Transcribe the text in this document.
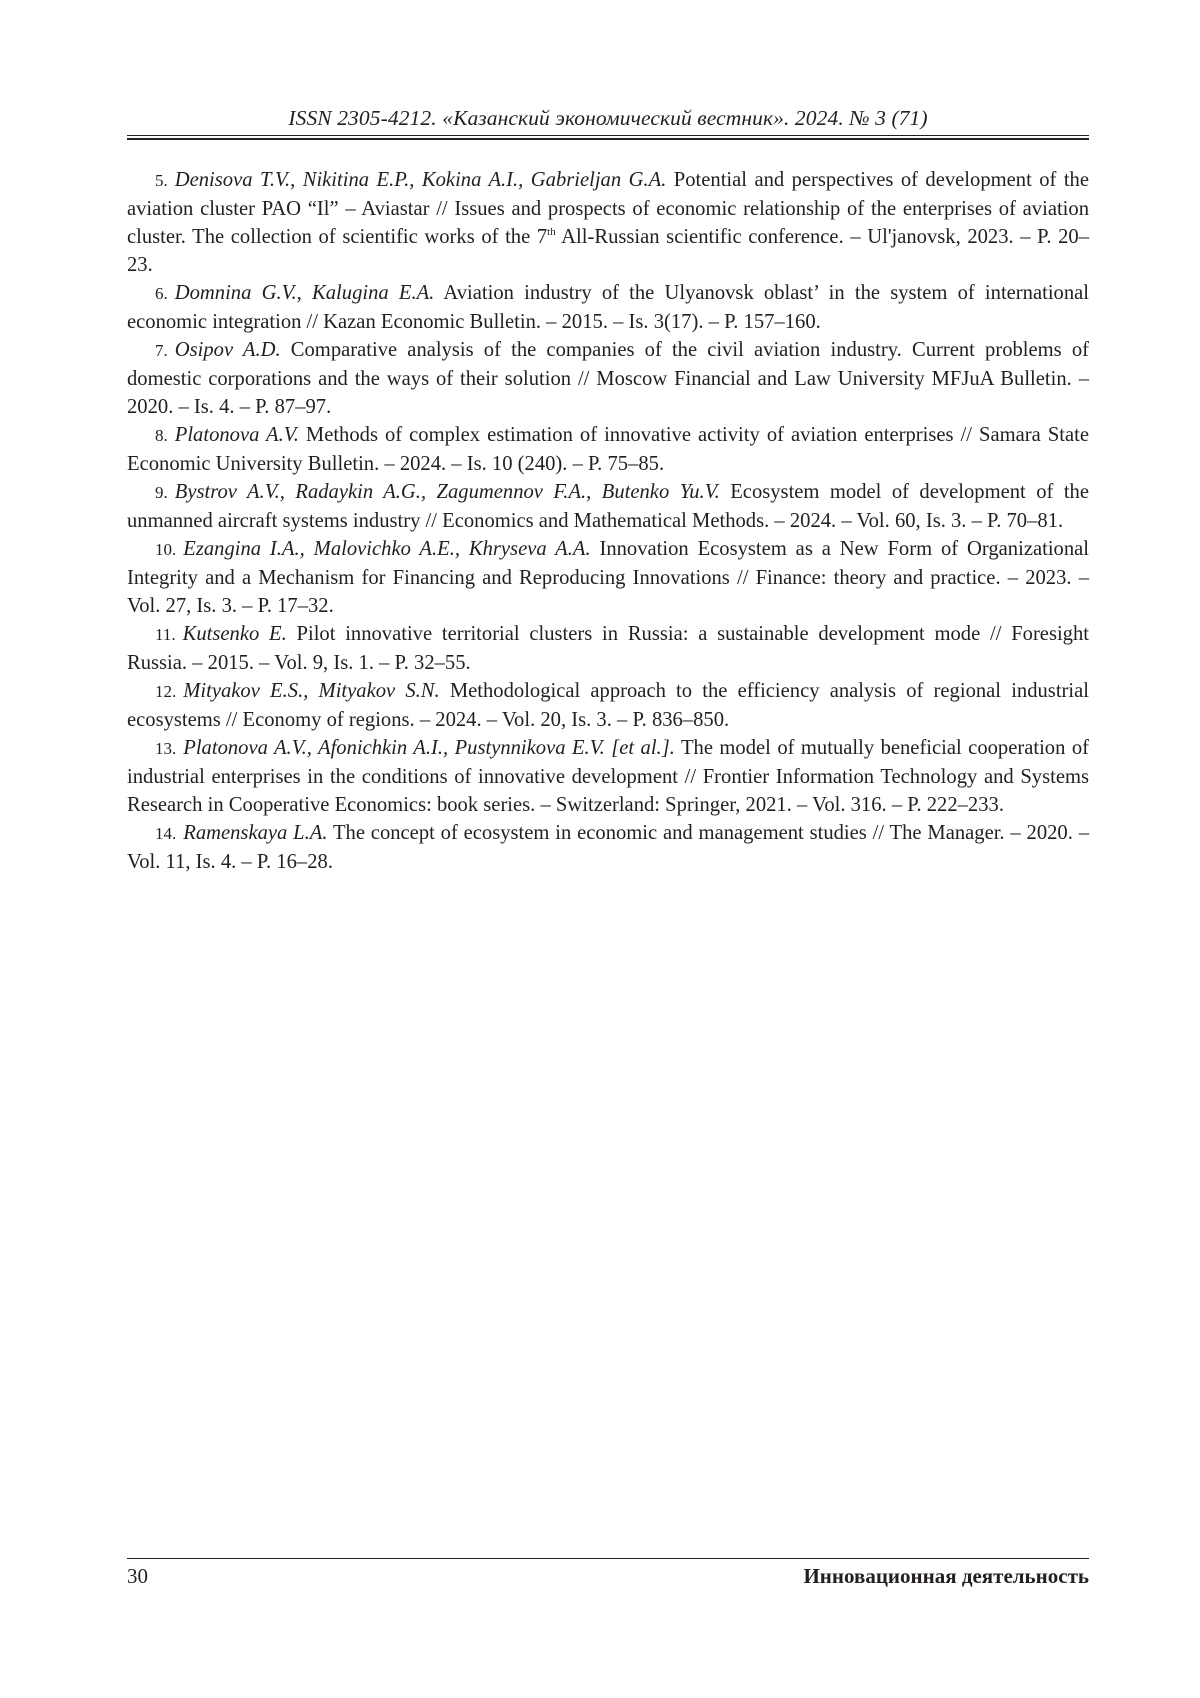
ISSN 2305-4212. «Казанский экономический вестник». 2024. № 3 (71)

5. Denisova T.V., Nikitina E.P., Kokina A.I., Gabrieljan G.A. Potential and perspectives of development of the aviation cluster PAO “Il” – Aviastar // Issues and prospects of economic relationship of the enterprises of aviation cluster. The collection of scientific works of the 7th All-Russian scientific conference. – Ul'janovsk, 2023. – P. 20–23.

6. Domnina G.V., Kalugina E.A. Aviation industry of the Ulyanovsk oblast’ in the system of international economic integration // Kazan Economic Bulletin. – 2015. – Is. 3(17). – P. 157–160.

7. Osipov A.D. Comparative analysis of the companies of the civil aviation industry. Current problems of domestic corporations and the ways of their solution // Moscow Financial and Law University MFJuA Bulletin. – 2020. – Is. 4. – P. 87–97.

8. Platonova A.V. Methods of complex estimation of innovative activity of aviation enterprises // Samara State Economic University Bulletin. – 2024. – Is. 10 (240). – P. 75–85.

9. Bystrov A.V., Radaykin A.G., Zagumennov F.A., Butenko Yu.V. Ecosystem model of development of the unmanned aircraft systems industry // Economics and Mathematical Methods. – 2024. – Vol. 60, Is. 3. – P. 70–81.

10. Ezangina I.A., Malovichko A.E., Khryseva A.A. Innovation Ecosystem as a New Form of Organizational Integrity and a Mechanism for Financing and Reproducing Innovations // Finance: theory and practice. – 2023. – Vol. 27, Is. 3. – P. 17–32.

11. Kutsenko E. Pilot innovative territorial clusters in Russia: a sustainable development mode // Foresight Russia. – 2015. – Vol. 9, Is. 1. – P. 32–55.

12. Mityakov E.S., Mityakov S.N. Methodological approach to the efficiency analysis of regional industrial ecosystems // Economy of regions. – 2024. – Vol. 20, Is. 3. – P. 836–850.

13. Platonova A.V., Afonichkin A.I., Pustynnikova E.V. [et al.]. The model of mutually beneficial cooperation of industrial enterprises in the conditions of innovative development // Frontier Information Technology and Systems Research in Cooperative Economics: book series. – Switzerland: Springer, 2021. – Vol. 316. – P. 222–233.

14. Ramenskaya L.A. The concept of ecosystem in economic and management studies // The Manager. – 2020. – Vol. 11, Is. 4. – P. 16–28.

30	Инновационная деятельность
